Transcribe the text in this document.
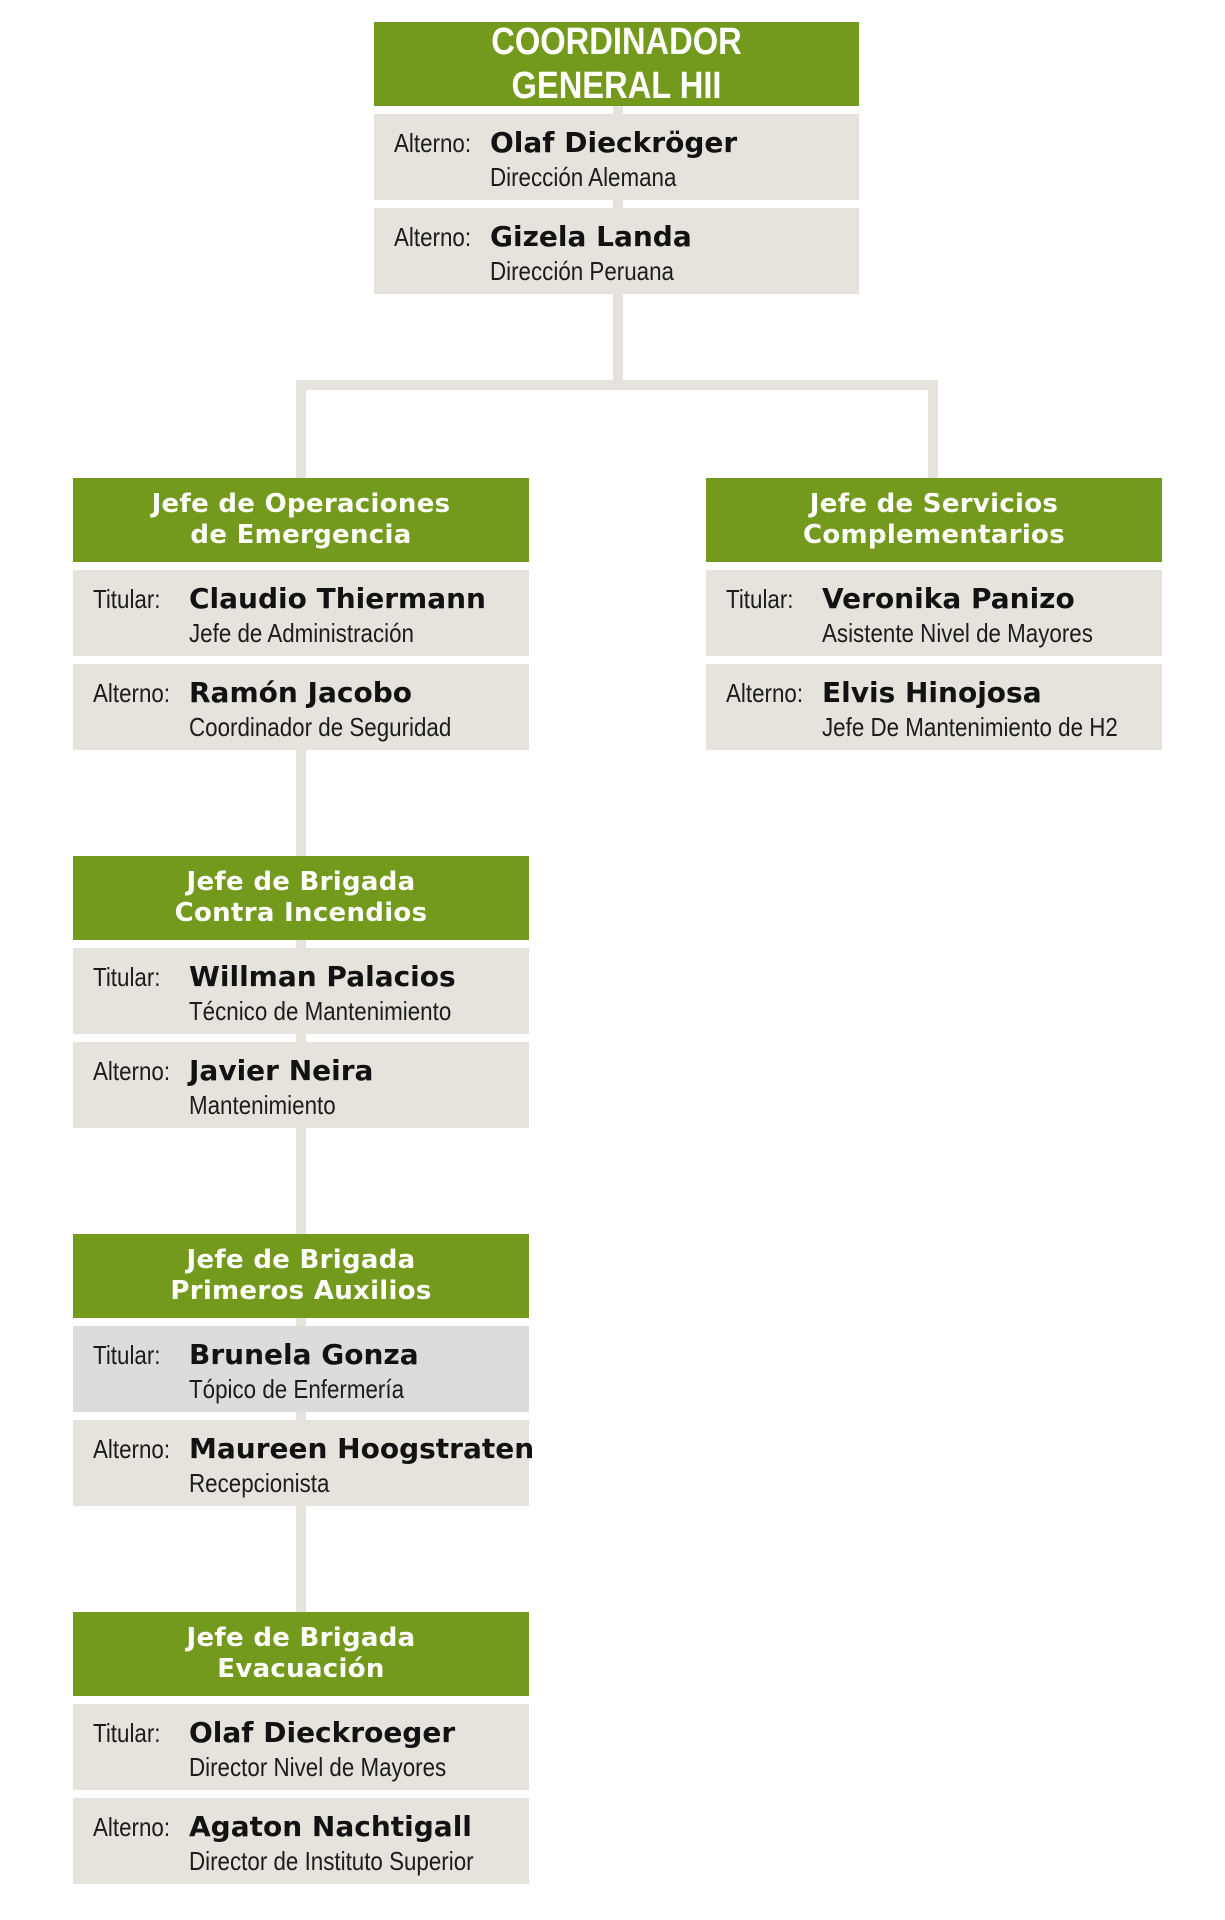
COORDINADOR GENERAL HII
Alterno: Olaf Dieckröger
Dirección Alemana
Alterno: Gizela Landa
Dirección Peruana
Jefe de Operaciones
de Emergencia
Titular: Claudio Thiermann
Jefe de Administración
Alterno: Ramón Jacobo
Coordinador de Seguridad
Jefe de Servicios
Complementarios
Titular: Veronika Panizo
Asistente Nivel de Mayores
Alterno: Elvis Hinojosa
Jefe De Mantenimiento de H2
Jefe de Brigada
Contra Incendios
Titular: Willman Palacios
Técnico de Mantenimiento
Alterno: Javier Neira
Mantenimiento
Jefe de Brigada
Primeros Auxilios
Titular: Brunela Gonza
Tópico de Enfermería
Alterno: Maureen Hoogstraten
Recepcionista
Jefe de Brigada
Evacuación
Titular: Olaf Dieckroeger
Director Nivel de Mayores
Alterno: Agaton Nachtigall
Director de Instituto Superior
